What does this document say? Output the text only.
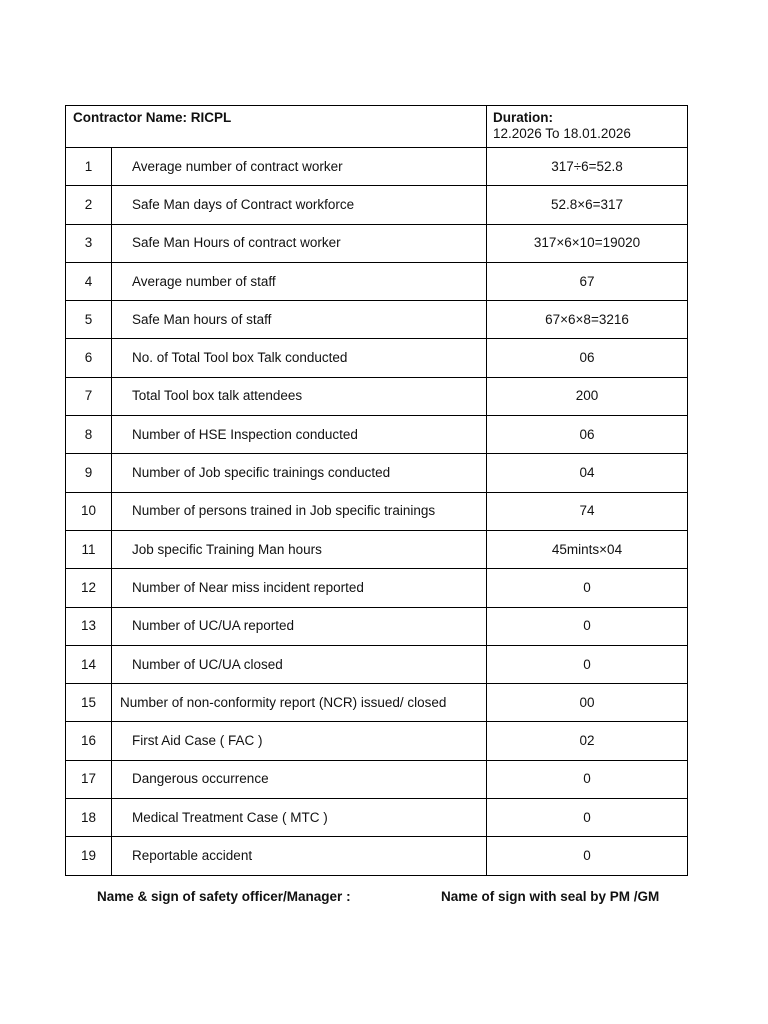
Contractor Name: RICPL		Duration:
12.2026 To 18.01.2026
1	Average number of contract worker	317÷6=52.8
2	Safe Man days of Contract workforce	52.8×6=317
3	Safe Man Hours of contract worker	317×6×10=19020
4	Average number of staff	67
5	Safe Man hours of staff	67×6×8=3216
6	No. of Total Tool box Talk conducted	06
7	Total Tool box talk attendees	200
8	Number of HSE Inspection conducted	06
9	Number of Job specific trainings conducted	04
10	Number of persons trained in Job specific trainings	74
11	Job specific Training Man hours	45mints×04
12	Number of Near miss incident reported	0
13	Number of UC/UA reported	0
14	Number of UC/UA closed	0
15	Number of non-conformity report (NCR) issued/ closed	00
16	First Aid Case ( FAC )	02
17	Dangerous occurrence	0
18	Medical Treatment Case ( MTC )	0
19	Reportable accident	0
Name & sign of safety officer/Manager :	Name of sign with seal by PM /GM
